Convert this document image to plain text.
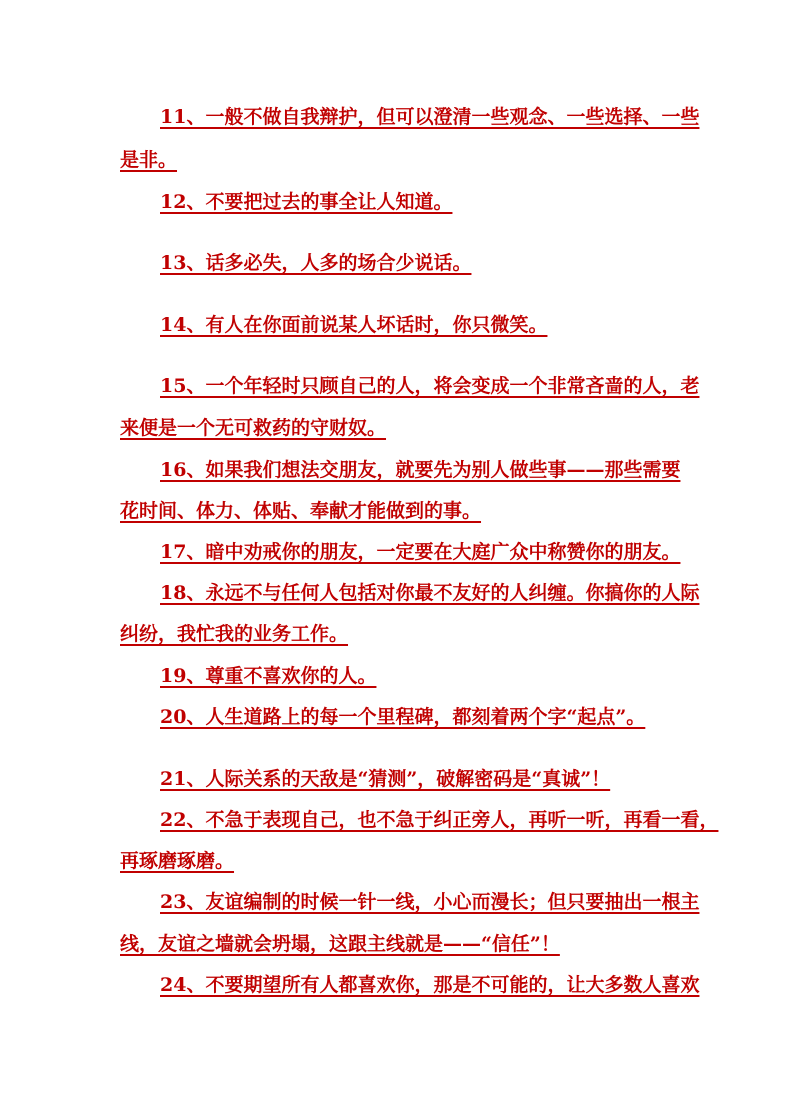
11、一般不做自我辩护，但可以澄清一些观念、一些选择、一些
是非。
12、不要把过去的事全让人知道。
13、话多必失，人多的场合少说话。
14、有人在你面前说某人坏话时，你只微笑。
15、一个年轻时只顾自己的人，将会变成一个非常吝啬的人，老
来便是一个无可救药的守财奴。
16、如果我们想法交朋友，就要先为别人做些事——那些需要
花时间、体力、体贴、奉献才能做到的事。
17、暗中劝戒你的朋友，一定要在大庭广众中称赞你的朋友。
18、永远不与任何人包括对你最不友好的人纠缠。你搞你的人际
纠纷，我忙我的业务工作。
19、尊重不喜欢你的人。
20、人生道路上的每一个里程碑，都刻着两个字“起点”。
21、人际关系的天敌是“猜测”，破解密码是“真诚”！
22、不急于表现自己，也不急于纠正旁人，再听一听，再看一看，
再琢磨琢磨。
23、友谊编制的时候一针一线，小心而漫长；但只要抽出一根主
线，友谊之墙就会坍塌，这跟主线就是——“信任”！
24、不要期望所有人都喜欢你，那是不可能的，让大多数人喜欢
